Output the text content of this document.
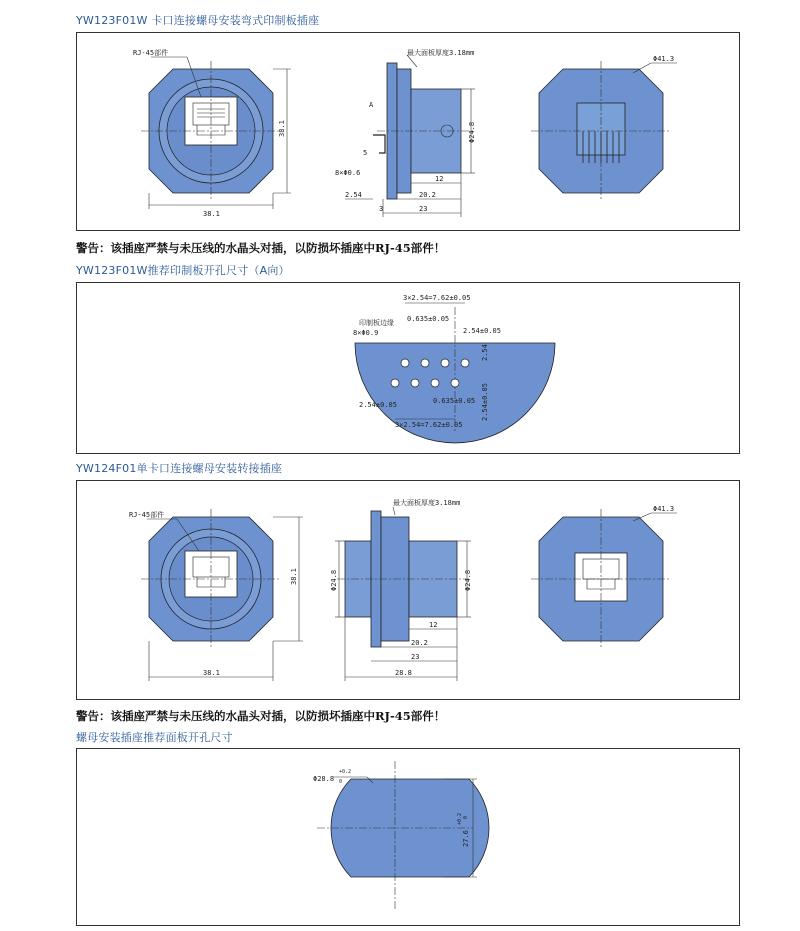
YW123F01W 卡口连接螺母安装弯式印制板插座
RJ-45部件
38.1
38.1
最大面板厚度3.18mm
A
5
8×Φ0.6
Φ24.8
12
2.54	20.2
3	23
Φ41.3
警告：该插座严禁与未压线的水晶头对插，以防损坏插座中RJ-45部件！
YW123F01W推荐印制板开孔尺寸（A向）
3×2.54=7.62±0.05
印制板边缘
8×Φ0.9
0.635±0.05
2.54±0.05
2.54
2.54±0.05	0.635±0.05 2.54±0.05
3×2.54=7.62±0.05
YW124F01单卡口连接螺母安装转接插座
RJ-45部件
38.1
38.1
最大面板厚度3.18mm
Φ24.8	Φ24.8
12
20.2
23
28.8
Φ41.3
警告：该插座严禁与未压线的水晶头对插，以防损坏插座中RJ-45部件！
螺母安装插座推荐面板开孔尺寸
Φ28.8
+0.2
0
27.6
+0.2 0
